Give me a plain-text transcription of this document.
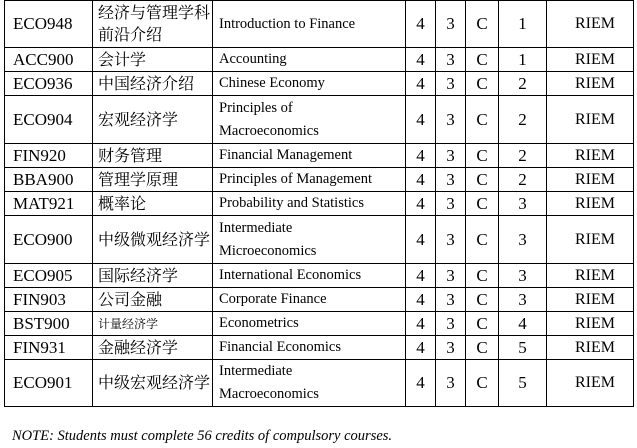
ECO948	经济与管理学科前沿介绍	Introduction to Finance	4	3	C	1	RIEM
ACC900	会计学	Accounting	4	3	C	1	RIEM
ECO936	中国经济介绍	Chinese Economy	4	3	C	2	RIEM
ECO904	宏观经济学	Principles of Macroeconomics	4	3	C	2	RIEM
FIN920	财务管理	Financial Management	4	3	C	2	RIEM
BBA900	管理学原理	Principles of Management	4	3	C	2	RIEM
MAT921	概率论	Probability and Statistics	4	3	C	3	RIEM
ECO900	中级微观经济学	Intermediate Microeconomics	4	3	C	3	RIEM
ECO905	国际经济学	International Economics	4	3	C	3	RIEM
FIN903	公司金融	Corporate Finance	4	3	C	3	RIEM
BST900	计量经济学	Econometrics	4	3	C	4	RIEM
FIN931	金融经济学	Financial Economics	4	3	C	5	RIEM
ECO901	中级宏观经济学	Intermediate Macroeconomics	4	3	C	5	RIEM
NOTE: Students must complete 56 credits of compulsory courses.
